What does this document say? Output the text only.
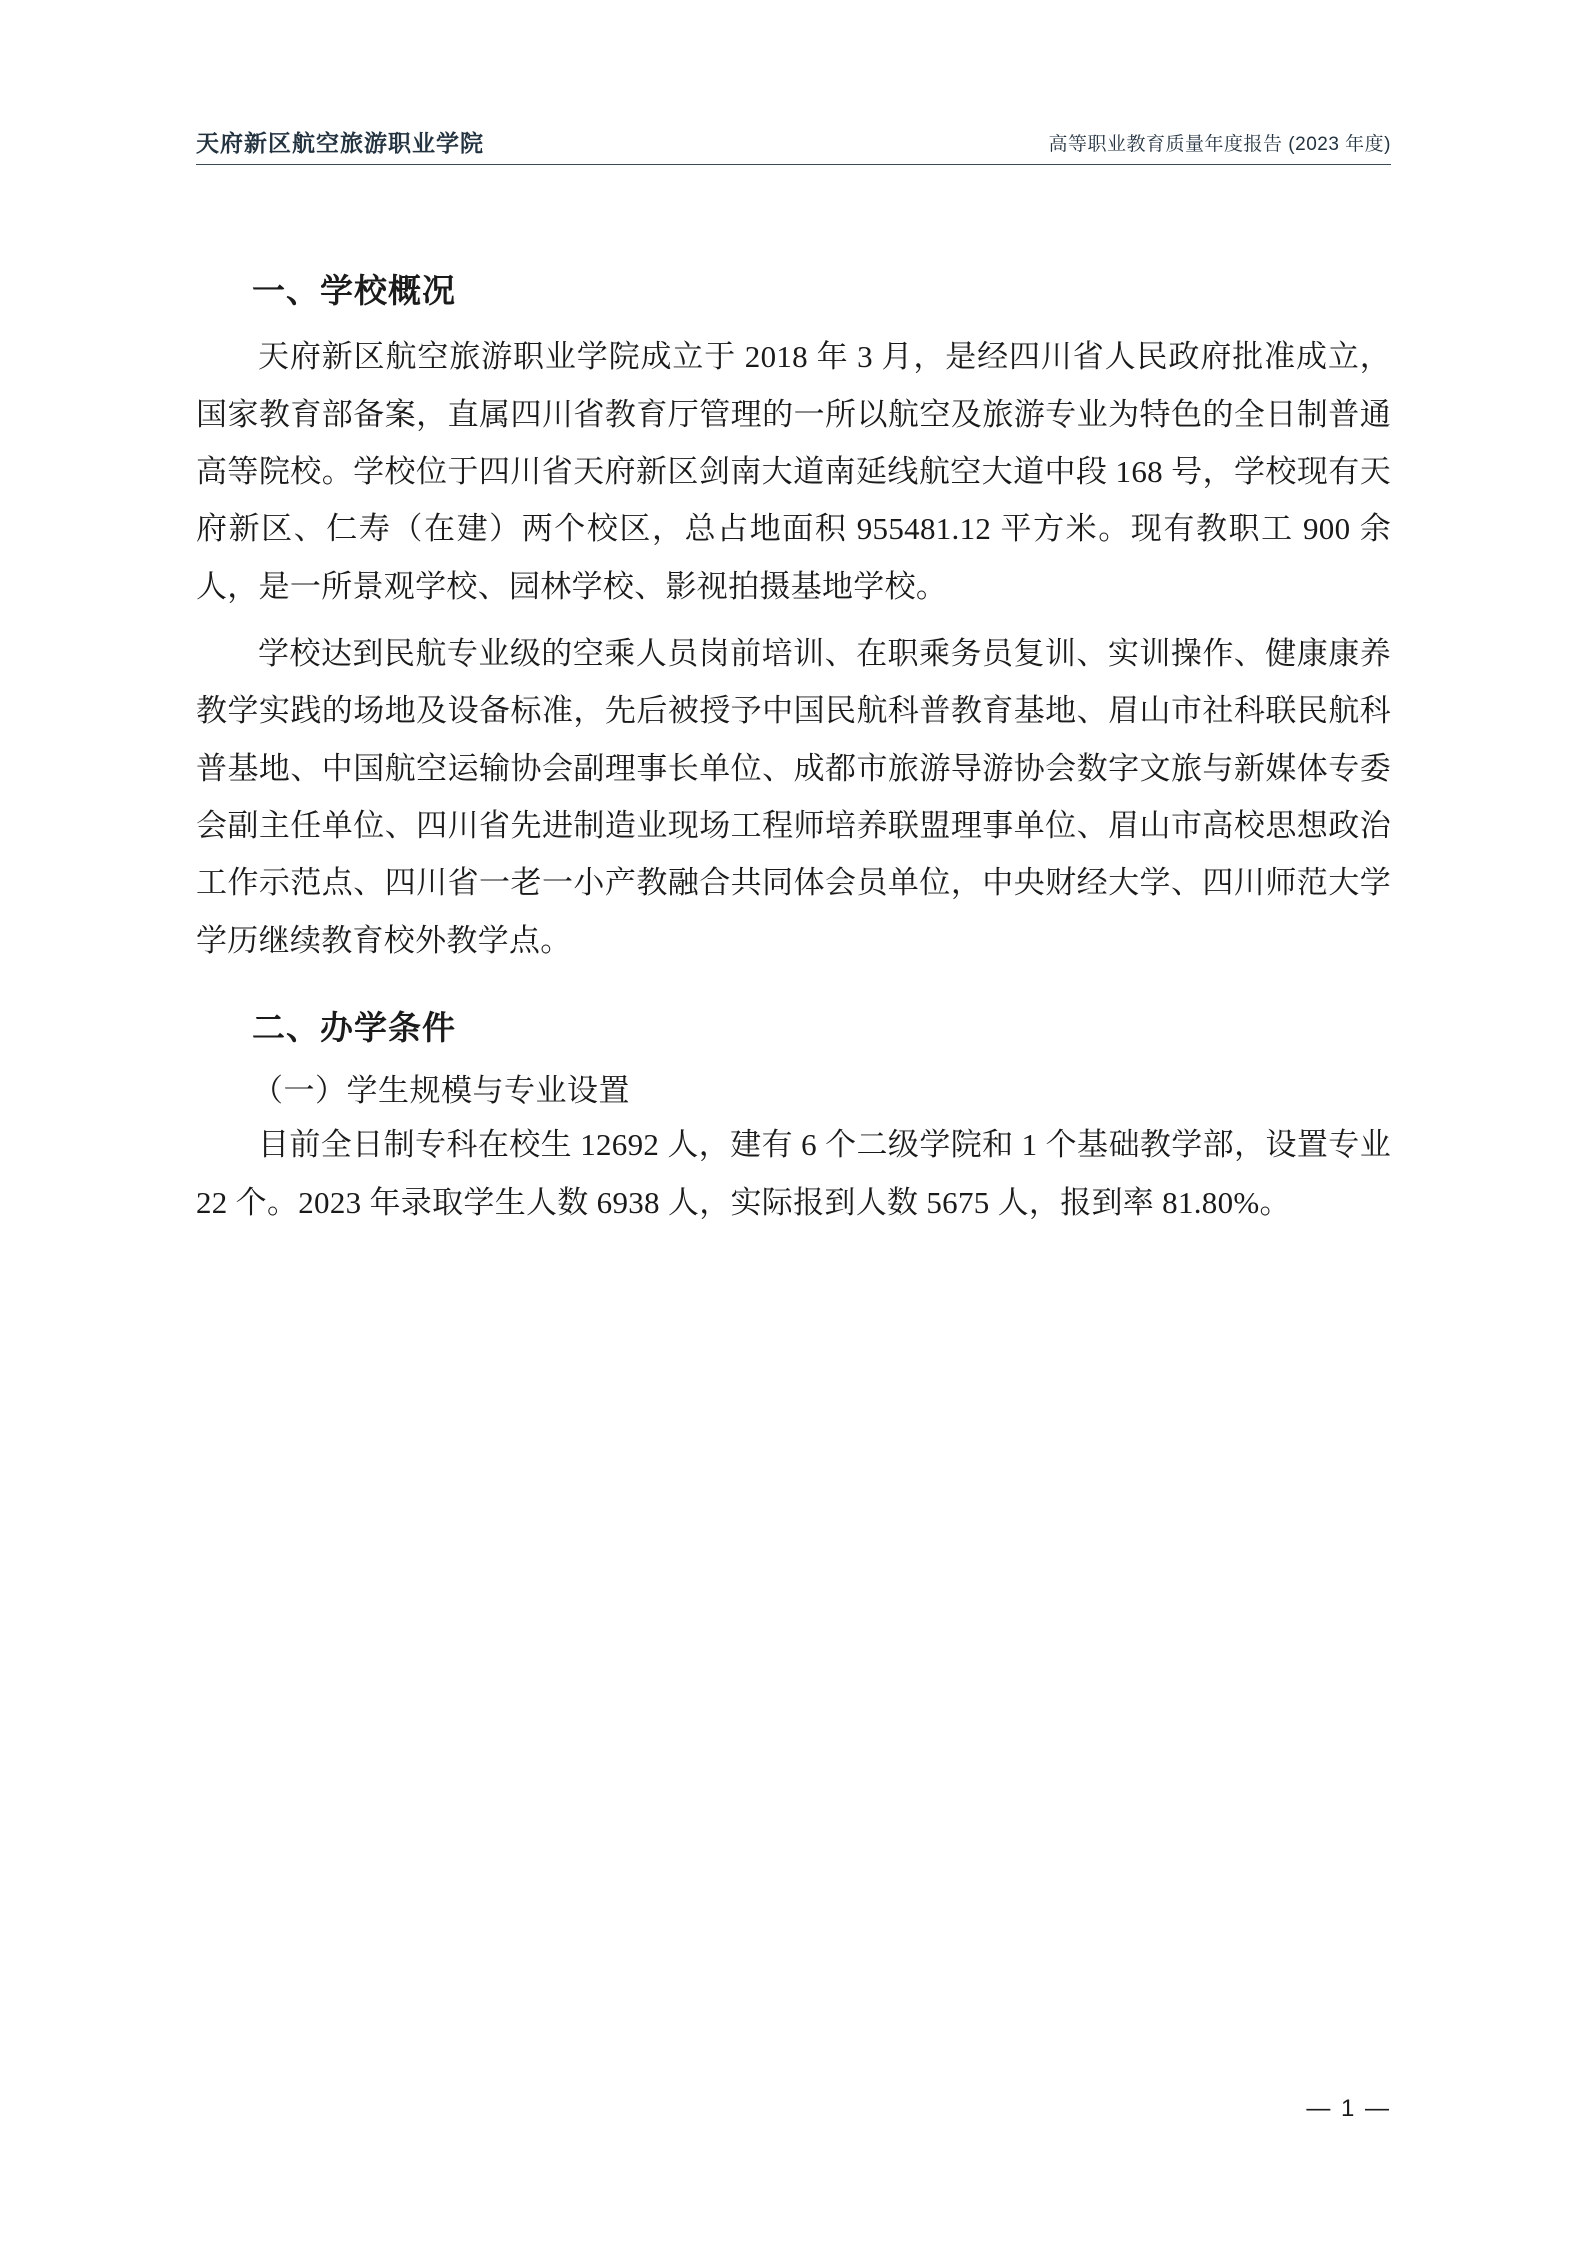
天府新区航空旅游职业学院	高等职业教育质量年度报告 (2023 年度)
一、学校概况

天府新区航空旅游职业学院成立于 2018 年 3 月，是经四川省人民政府批准成立，国家教育部备案，直属四川省教育厅管理的一所以航空及旅游专业为特色的全日制普通高等院校。学校位于四川省天府新区剑南大道南延线航空大道中段 168 号，学校现有天府新区、仁寿（在建）两个校区，总占地面积 955481.12 平方米。现有教职工 900 余人，是一所景观学校、园林学校、影视拍摄基地学校。

学校达到民航专业级的空乘人员岗前培训、在职乘务员复训、实训操作、健康康养教学实践的场地及设备标准，先后被授予中国民航科普教育基地、眉山市社科联民航科普基地、中国航空运输协会副理事长单位、成都市旅游导游协会数字文旅与新媒体专委会副主任单位、四川省先进制造业现场工程师培养联盟理事单位、眉山市高校思想政治工作示范点、四川省一老一小产教融合共同体会员单位，中央财经大学、四川师范大学学历继续教育校外教学点。

二、办学条件
（一）学生规模与专业设置

目前全日制专科在校生 12692 人，建有 6 个二级学院和 1 个基础教学部，设置专业 22 个。2023 年录取学生人数 6938 人，实际报到人数 5675 人，报到率 81.80%。

— 1 —
